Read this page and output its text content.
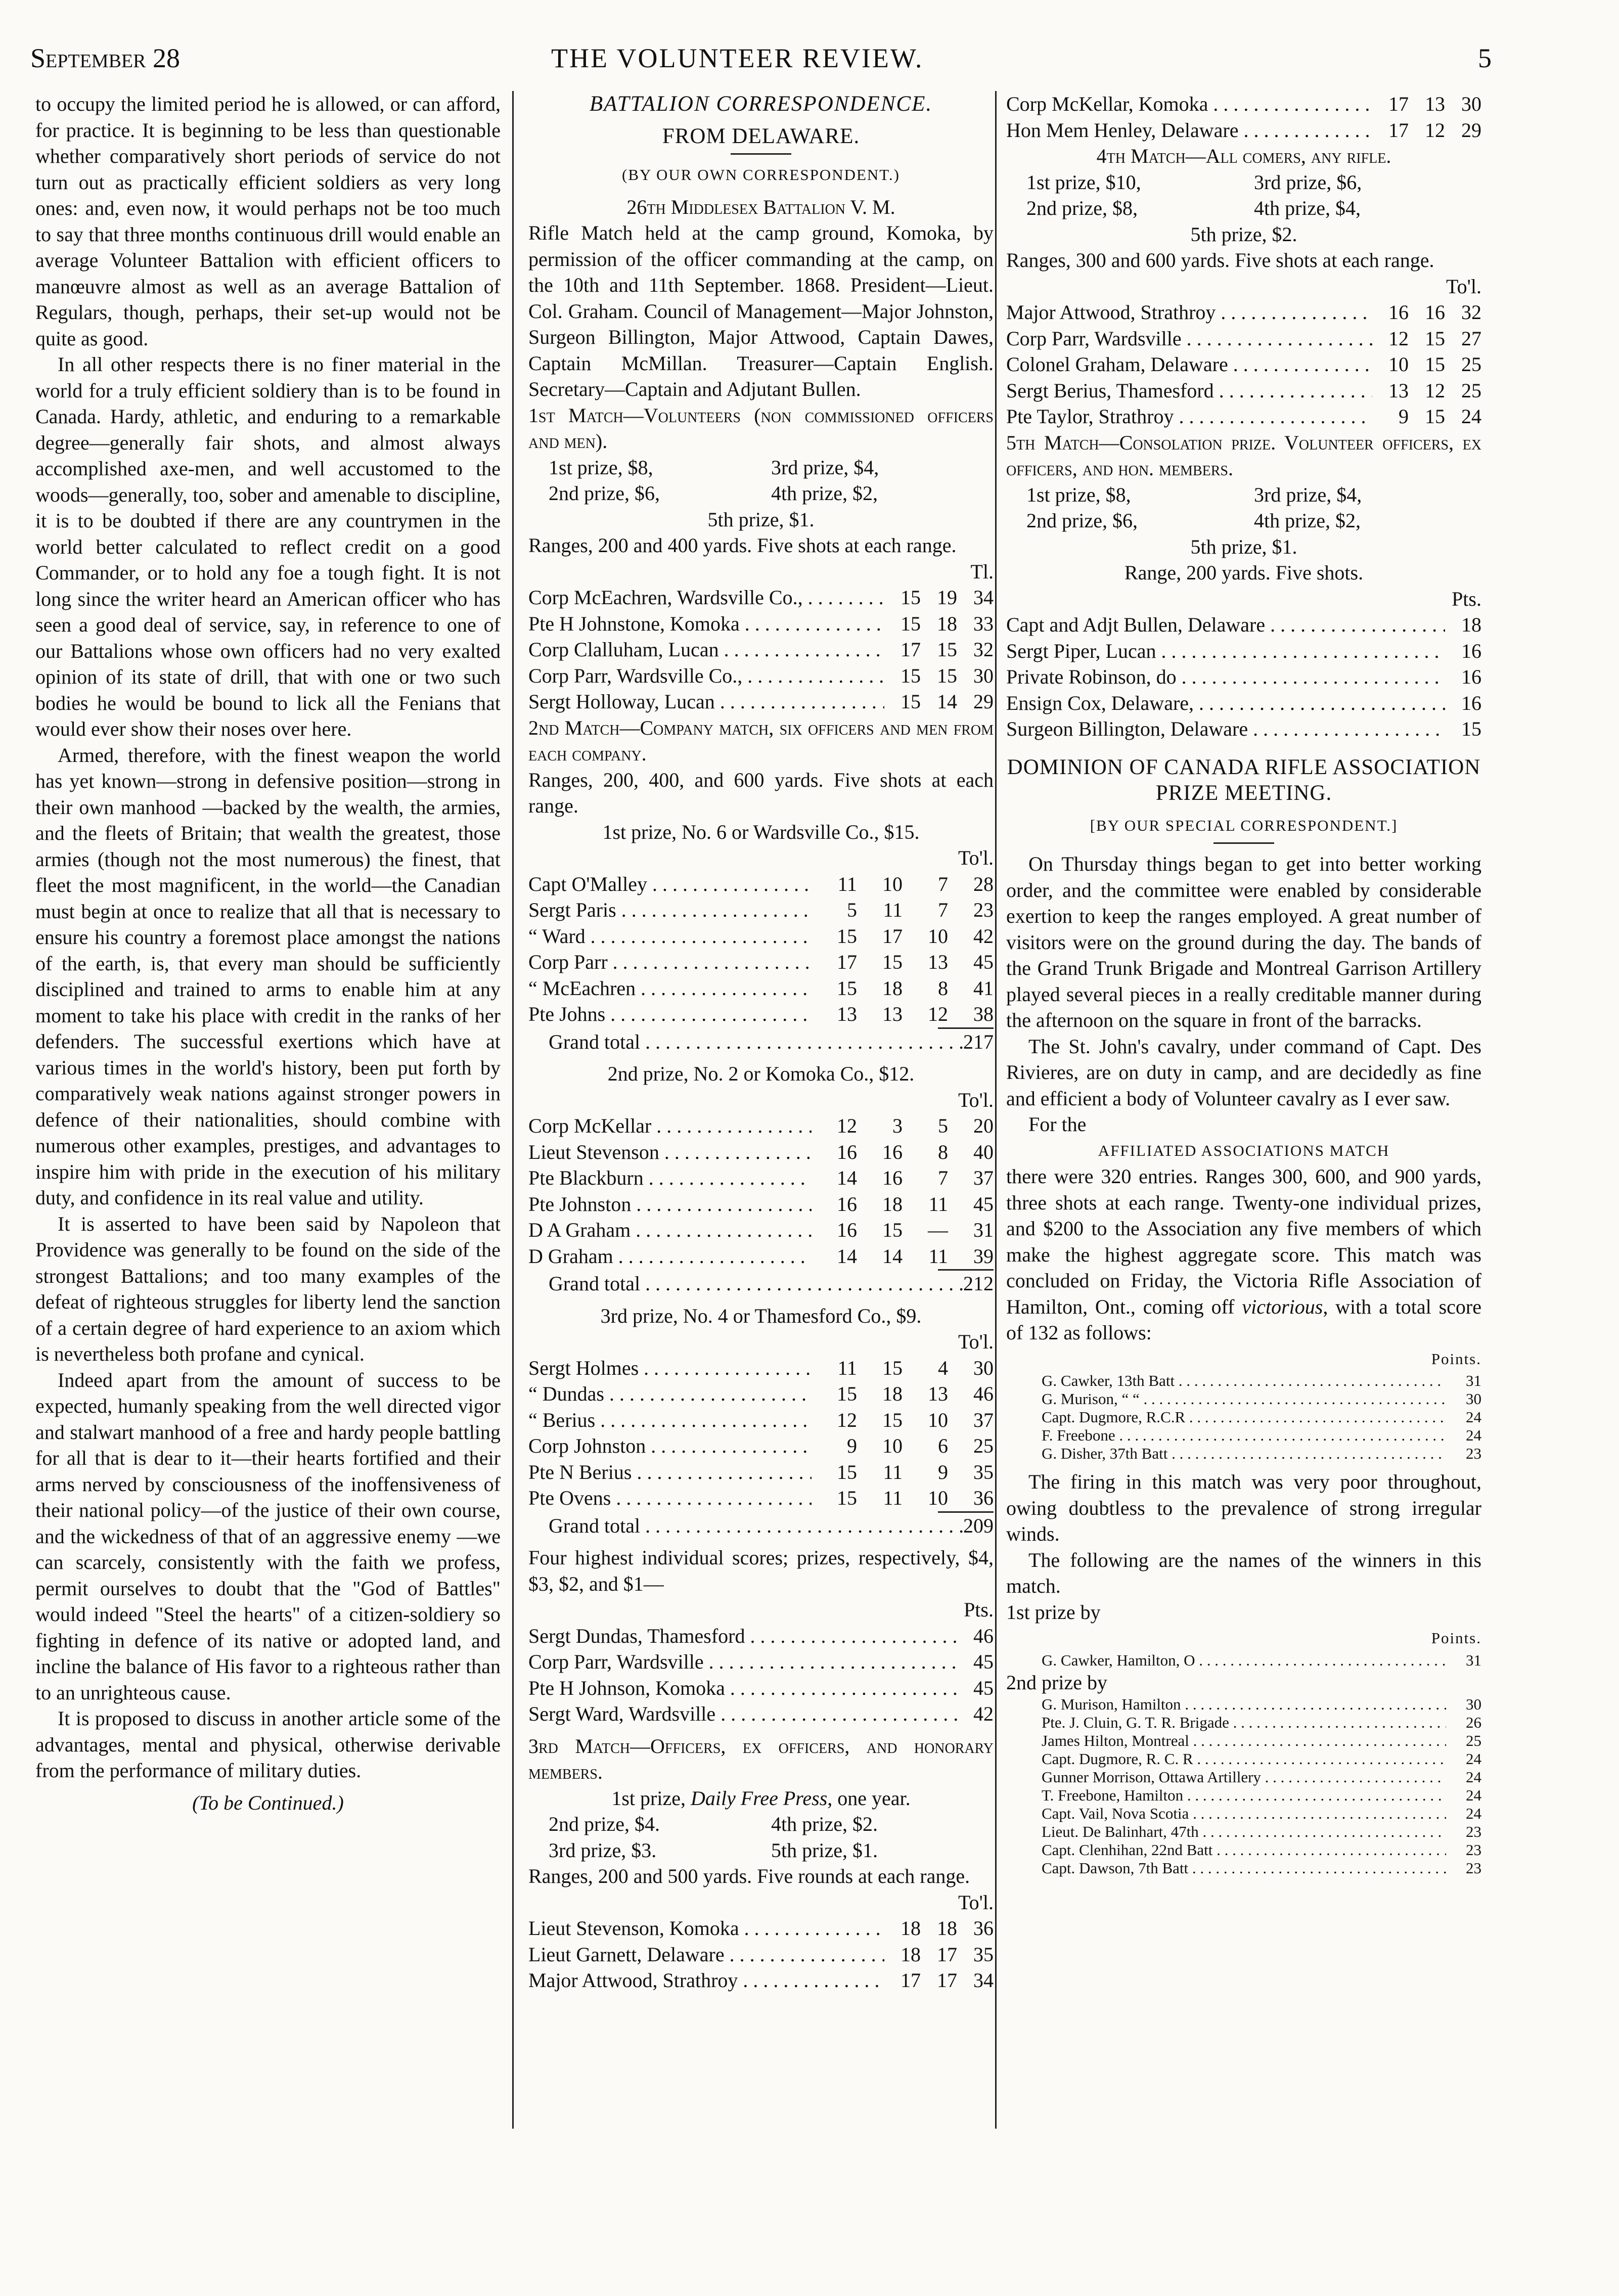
September 28	THE VOLUNTEER REVIEW.	5

to occupy the limited period he is allowed, or can afford, for practice. It is beginning to be less than questionable whether comparatively short periods of service do not turn out as practically efficient soldiers as very long ones: and, even now, it would perhaps not be too much to say that three months continuous drill would enable an average Volunteer Battalion with efficient officers to manœuvre almost as well as an average Battalion of Regulars, though, perhaps, their set-up would not be quite as good.

In all other respects there is no finer material in the world for a truly efficient soldiery than is to be found in Canada. Hardy, athletic, and enduring to a remarkable degree—generally fair shots, and almost always accomplished axe-men, and well accustomed to the woods—generally, too, sober and amenable to discipline, it is to be doubted if there are any countrymen in the world better calculated to reflect credit on a good Commander, or to hold any foe a tough fight. It is not long since the writer heard an American officer who has seen a good deal of service, say, in reference to one of our Battalions whose own officers had no very exalted opinion of its state of drill, that with one or two such bodies he would be bound to lick all the Fenians that would ever show their noses over here.

Armed, therefore, with the finest weapon the world has yet known—strong in defensive position—strong in their own manhood —backed by the wealth, the armies, and the fleets of Britain; that wealth the greatest, those armies (though not the most numerous) the finest, that fleet the most magnificent, in the world—the Canadian must begin at once to realize that all that is necessary to ensure his country a foremost place amongst the nations of the earth, is, that every man should be sufficiently disciplined and trained to arms to enable him at any moment to take his place with credit in the ranks of her defenders. The successful exertions which have at various times in the world's history, been put forth by comparatively weak nations against stronger powers in defence of their nationalities, should combine with numerous other examples, prestiges, and advantages to inspire him with pride in the execution of his military duty, and confidence in its real value and utility.

It is asserted to have been said by Napoleon that Providence was generally to be found on the side of the strongest Battalions; and too many examples of the defeat of righteous struggles for liberty lend the sanction of a certain degree of hard experience to an axiom which is nevertheless both profane and cynical.

Indeed apart from the amount of success to be expected, humanly speaking from the well directed vigor and stalwart manhood of a free and hardy people battling for all that is dear to it—their hearts fortified and their arms nerved by consciousness of the inoffensiveness of their national policy—of the justice of their own course, and the wickedness of that of an aggressive enemy —we can scarcely, consistently with the faith we profess, permit ourselves to doubt that the "God of Battles" would indeed "Steel the hearts" of a citizen-soldiery so fighting in defence of its native or adopted land, and incline the balance of His favor to a righteous rather than to an unrighteous cause.

It is proposed to discuss in another article some of the advantages, mental and physical, otherwise derivable from the performance of military duties.

(To be Continued.)

BATTALION CORRESPONDENCE.

FROM DELAWARE.

(BY OUR OWN CORRESPONDENT.)

26th Middlesex Battalion V. M.

Rifle Match held at the camp ground, Komoka, by permission of the officer commanding at the camp, on the 10th and 11th September. 1868. President—Lieut. Col. Graham. Council of Management—Major Johnston, Surgeon Billington, Major Attwood, Captain Dawes, Captain McMillan. Treasurer—Captain English. Secretary—Captain and Adjutant Bullen.

1st Match—Volunteers (non commissioned officers and men).

1st prize, $8,	3rd prize, $4,
2nd prize, $6,	4th prize, $2,

5th prize, $1.

Ranges, 200 and 400 yards. Five shots at each range.

Tl.

Corp McEachren, Wardsville Co., . . .	15 19 34
Pte H Johnstone, Komoka . . .	15 18 33
Corp Clalluham, Lucan . . .	17 15 32
Corp Parr, Wardsville Co., . . .	15 15 30
Sergt Holloway, Lucan . . .	15 14 29

2nd Match—Company match, six officers and men from each company.

Ranges, 200, 400, and 600 yards. Five shots at each range.

1st prize, No. 6 or Wardsville Co., $15.

To'l.

Capt O'Malley . . .	11	10	7	28
Sergt Paris . . .	5	11	7	23
“ Ward . . .	15	17	10	42
Corp Parr . . .	17	15	13	45
“ McEachren . . .	15	18	8	41
Pte Johns . . .	13	13	12	38
Grand total . . .	217

2nd prize, No. 2 or Komoka Co., $12.

To'l.

Corp McKellar . . .	12	3	5	20
Lieut Stevenson . . .	16	16	8	40
Pte Blackburn . . .	14	16	7	37
Pte Johnston . . .	16	18	11	45
D A Graham . . .	16	15	—	31
D Graham . . .	14	14	11	39
Grand total . . .	212

3rd prize, No. 4 or Thamesford Co., $9.

To'l.

Sergt Holmes . . .	11	15	4	30
“ Dundas . . .	15	18	13	46
“ Berius . . .	12	15	10	37
Corp Johnston . . .	9	10	6	25
Pte N Berius . . .	15	11	9	35
Pte Ovens . . .	15	11	10	36
Grand total . . .	209

Four highest individual scores; prizes, respectively, $4, $3, $2, and $1—

Pts.

Sergt Dundas, Thamesford . . .	46
Corp Parr, Wardsville . . .	45
Pte H Johnson, Komoka . . .	45
Sergt Ward, Wardsville . . .	42

3rd Match—Officers, ex officers, and honorary members.

1st prize, Daily Free Press, one year.

2nd prize, $4.	4th prize, $2.
3rd prize, $3.	5th prize, $1.

Ranges, 200 and 500 yards. Five rounds at each range.

To'l.

Lieut Stevenson, Komoka . . .	18 18 36
Lieut Garnett, Delaware . . .	18 17 35
Major Attwood, Strathroy . . .	17 17 34
Corp McKellar, Komoka . . .	17 13 30
Hon Mem Henley, Delaware . . .	17 12 29

4th Match—All comers, any rifle.

1st prize, $10,	3rd prize, $6,
2nd prize, $8,	4th prize, $4,

5th prize, $2.

Ranges, 300 and 600 yards. Five shots at each range.

To'l.

Major Attwood, Strathroy . . .	16 16 32
Corp Parr, Wardsville . . .	12 15 27
Colonel Graham, Delaware . . .	10 15 25
Sergt Berius, Thamesford . . .	13 12 25
Pte Taylor, Strathroy . . .	9 15 24

5th Match—Consolation prize. Volunteer officers, ex officers, and hon. members.

1st prize, $8,	3rd prize, $4,
2nd prize, $6,	4th prize, $2,

5th prize, $1.

Range, 200 yards. Five shots.

Pts.

Capt and Adjt Bullen, Delaware . . .	18
Sergt Piper, Lucan . . .	16
Private Robinson, do . . .	16
Ensign Cox, Delaware, . . .	16
Surgeon Billington, Delaware . . .	15

DOMINION OF CANADA RIFLE ASSOCIATION PRIZE MEETING.

[BY OUR SPECIAL CORRESPONDENT.]

On Thursday things began to get into better working order, and the committee were enabled by considerable exertion to keep the ranges employed. A great number of visitors were on the ground during the day. The bands of the Grand Trunk Brigade and Montreal Garrison Artillery played several pieces in a really creditable manner during the afternoon on the square in front of the barracks.

The St. John's cavalry, under command of Capt. Des Rivieres, are on duty in camp, and are decidedly as fine and efficient a body of Volunteer cavalry as I ever saw.

For the

AFFILIATED ASSOCIATIONS MATCH

there were 320 entries. Ranges 300, 600, and 900 yards, three shots at each range. Twenty-one individual prizes, and $200 to the Association any five members of which make the highest aggregate score. This match was concluded on Friday, the Victoria Rifle Association of Hamilton, Ont., coming off victorious, with a total score of 132 as follows:

Points.

G. Cawker, 13th Batt . . .	31
G. Murison, “ “ . . .	30
Capt. Dugmore, R.C.R . . .	24
F. Freebone . . .	24
G. Disher, 37th Batt . . .	23

The firing in this match was very poor throughout, owing doubtless to the prevalence of strong irregular winds.

The following are the names of the winners in this match.

1st prize by

Points.

G. Cawker, Hamilton, O . . .	31

2nd prize by

G. Murison, Hamilton . . .	30
Pte. J. Cluin, G. T. R. Brigade . . .	26
James Hilton, Montreal . . .	25
Capt. Dugmore, R. C. R . . .	24
Gunner Morrison, Ottawa Artillery . . .	24
T. Freebone, Hamilton . . .	24
Capt. Vail, Nova Scotia . . .	24
Lieut. De Balinhart, 47th . . .	23
Capt. Clenhihan, 22nd Batt . . .	23
Capt. Dawson, 7th Batt . . .	23
